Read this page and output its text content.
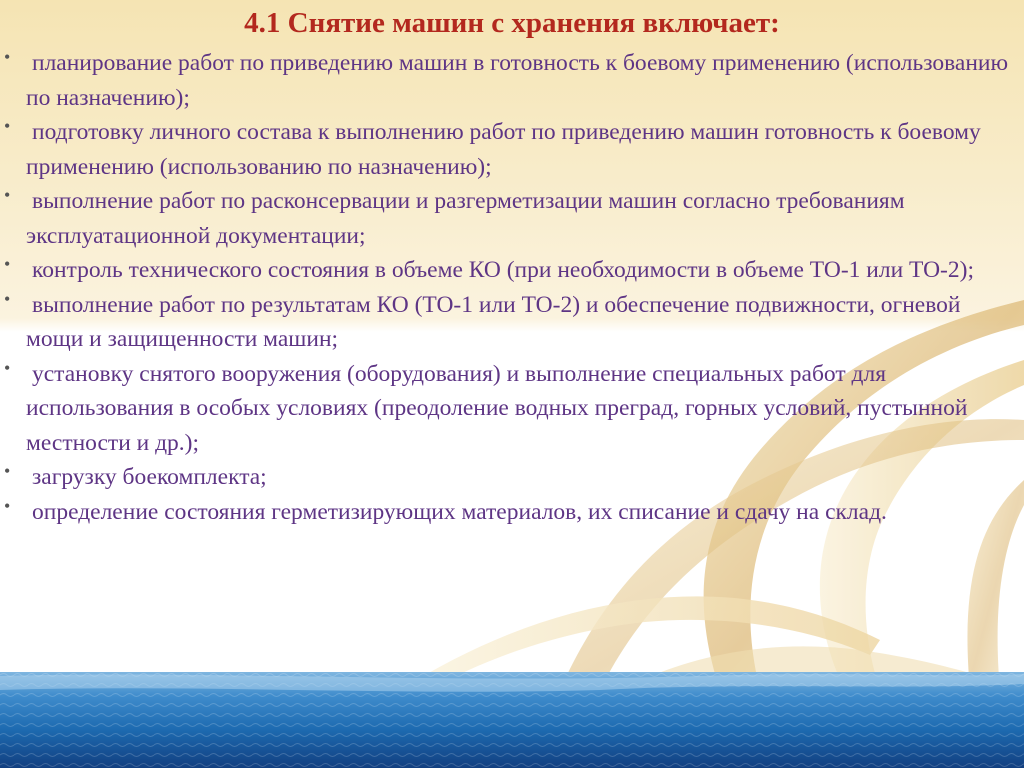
4.1 Снятие машин с хранения включает:
• планирование работ по приведению машин в готовность к боевому применению (использованию по назначению);
• подготовку личного состава к выполнению работ по приведению машин готовность к боевому применению (использованию по назначению);
• выполнение работ по расконсервации и разгерметизации машин согласно требованиям эксплуатационной документации;
• контроль технического состояния в объеме КО (при необходимости в объеме ТО-1 или ТО-2);
• выполнение работ по результатам КО (ТО-1 или ТО-2) и обеспечение подвижности, огневой мощи и защищенности машин;
• установку снятого вооружения (оборудования) и выполнение специальных работ для использования в особых условиях (преодоление водных преград, горных условий, пустынной местности и др.);
• загрузку боекомплекта;
• определение состояния герметизирующих материалов, их списание и сдачу на склад.
